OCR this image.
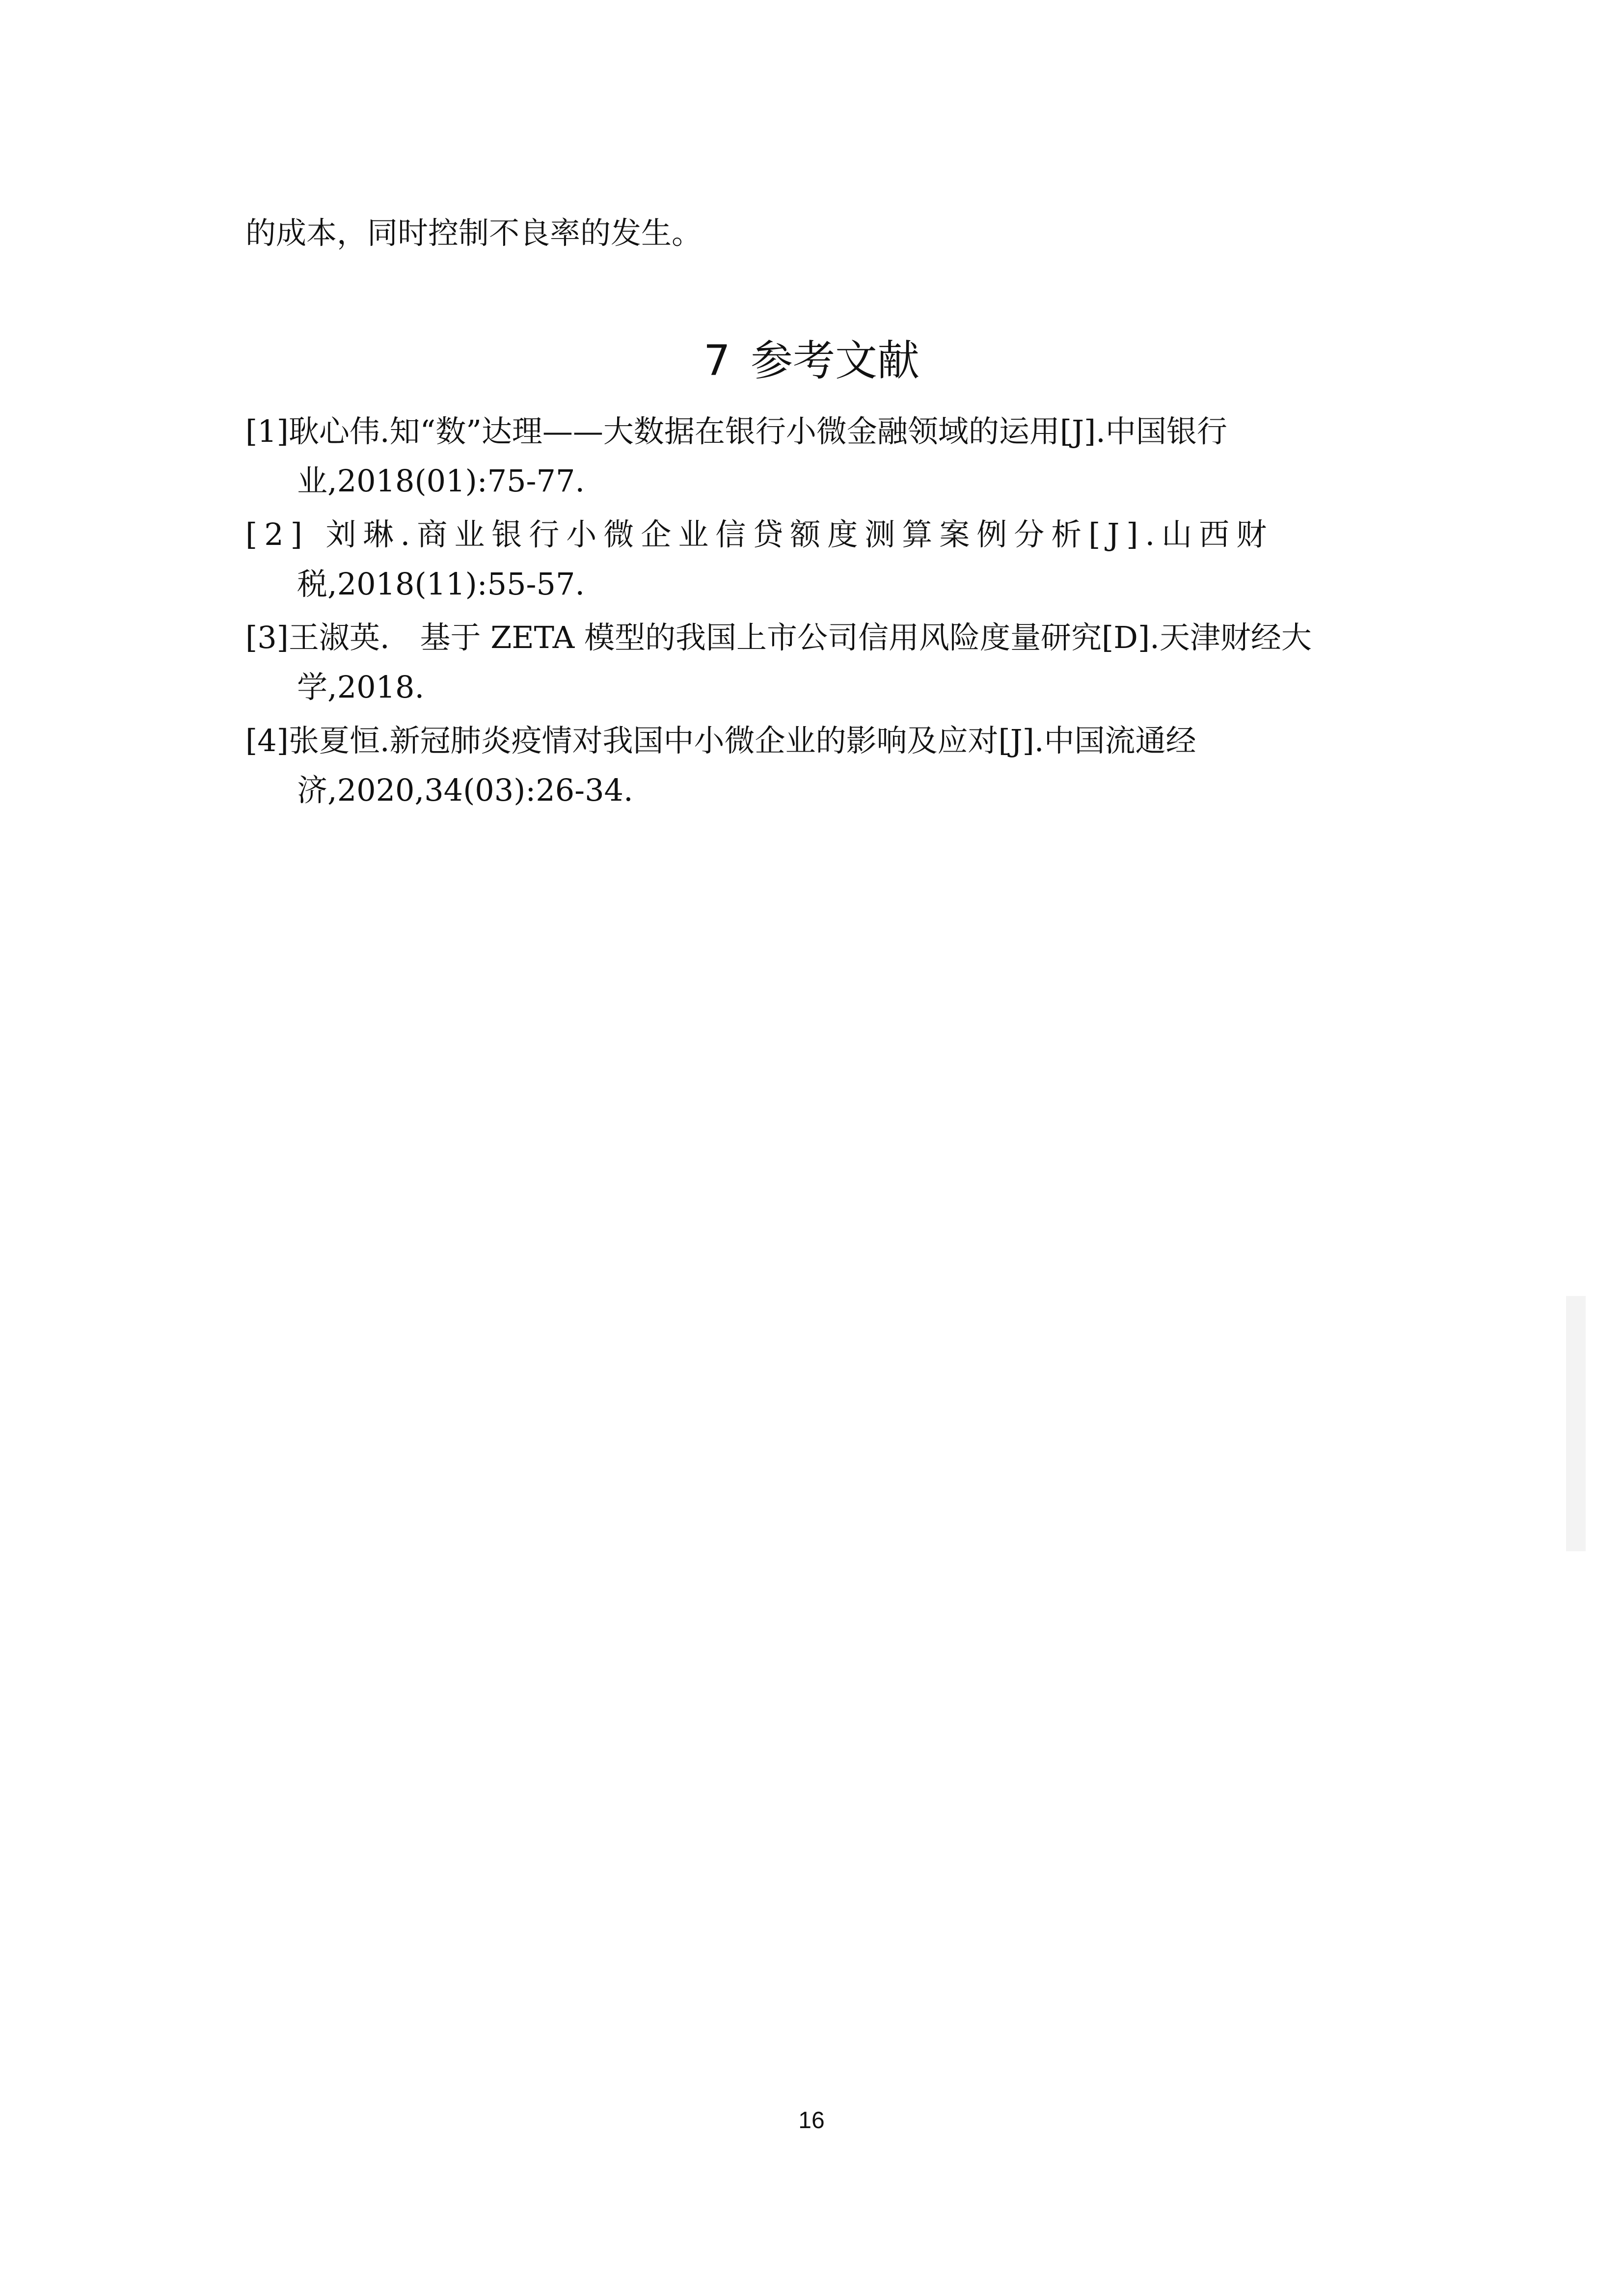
的成本，同时控制不良率的发生。

7 参考文献
[1]耿心伟.知“数”达理——大数据在银行小微金融领域的运用[J].中国银行
业,2018(01):75-77.
[2] 刘琳.商业银行小微企业信贷额度测算案例分析[J].山西财
税,2018(11):55-57.
[3]王淑英.　基于 ZETA 模型的我国上市公司信用风险度量研究[D].天津财经大
学,2018.
[4]张夏恒.新冠肺炎疫情对我国中小微企业的影响及应对[J].中国流通经
济,2020,34(03):26-34.

16
